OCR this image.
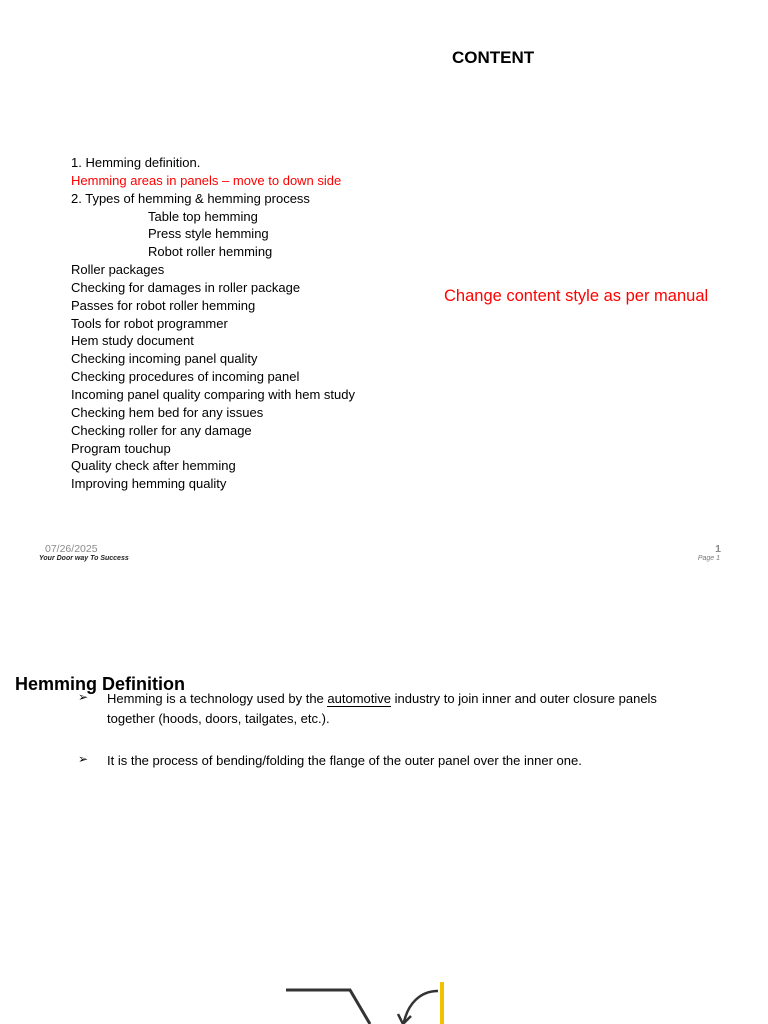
CONTENT
1. Hemming definition.
Hemming areas in panels – move to down side
2. Types of hemming & hemming process
Table top hemming
Press style hemming
Robot roller hemming
Roller packages
Checking for damages in roller package
Passes for robot roller hemming
Tools for robot programmer
Hem study document
Checking incoming panel quality
Checking procedures of incoming panel
Incoming panel quality comparing with hem study
Checking hem bed for any issues
Checking roller for any damage
Program touchup
Quality check after hemming
Improving hemming quality
Change content style as per manual
07/26/2025
Your Door way To Success
1
Page 1
➢ Hemming is a technology used by the automotive industry to join inner and outer closure panels
together (hoods, doors, tailgates, etc.).
Hemming Definition
➢ It is the process of bending/folding the flange of the outer panel over the inner one.
